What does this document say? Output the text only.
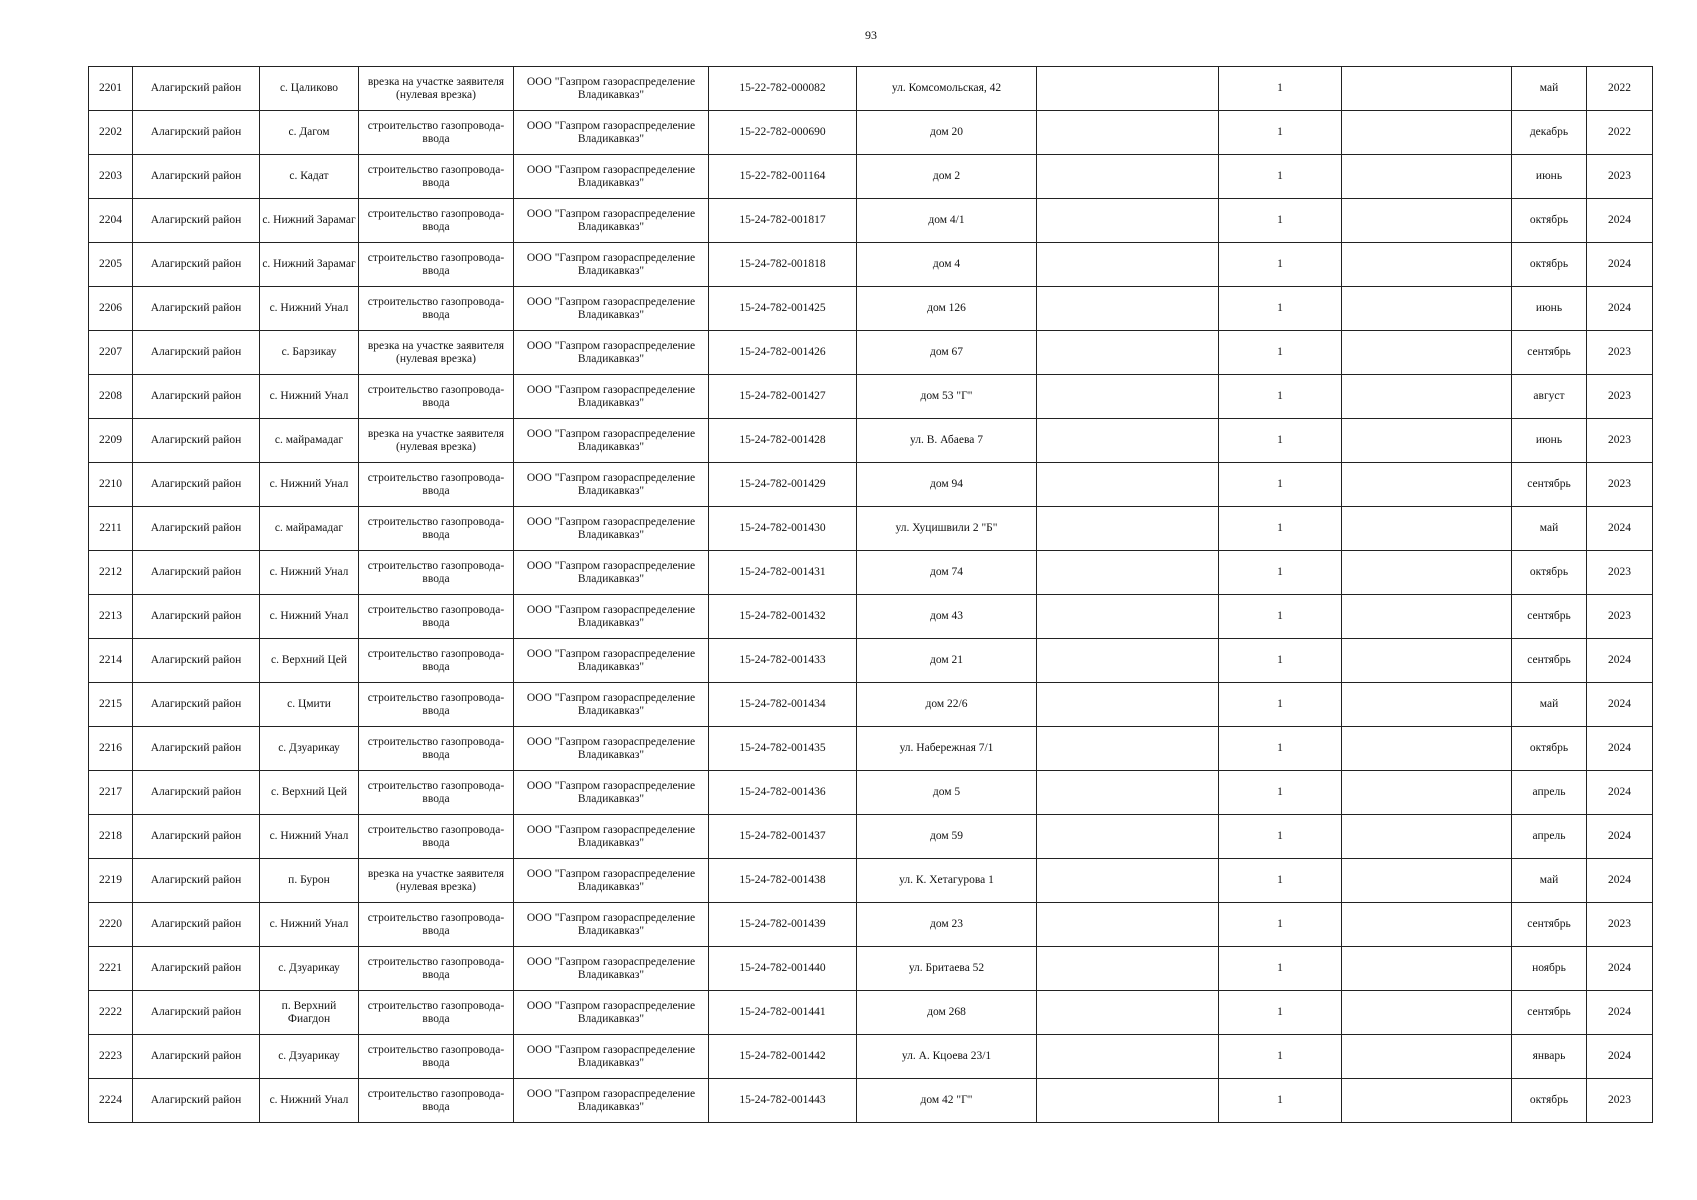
93
2201	Алагирский район	с. Цаликово	врезка на участке заявителя (нулевая врезка)	ООО "Газпром газораспределение Владикавказ"	15-22-782-000082	ул. Комсомольская, 42		1		май	2022
2202	Алагирский район	с. Дагом	строительство газопровода-ввода	ООО "Газпром газораспределение Владикавказ"	15-22-782-000690	дом 20		1		декабрь	2022
2203	Алагирский район	с. Кадат	строительство газопровода-ввода	ООО "Газпром газораспределение Владикавказ"	15-22-782-001164	дом 2		1		июнь	2023
2204	Алагирский район	с. Нижний Зарамаг	строительство газопровода-ввода	ООО "Газпром газораспределение Владикавказ"	15-24-782-001817	дом 4/1		1		октябрь	2024
2205	Алагирский район	с. Нижний Зарамаг	строительство газопровода-ввода	ООО "Газпром газораспределение Владикавказ"	15-24-782-001818	дом 4		1		октябрь	2024
2206	Алагирский район	с. Нижний Унал	строительство газопровода-ввода	ООО "Газпром газораспределение Владикавказ"	15-24-782-001425	дом 126		1		июнь	2024
2207	Алагирский район	с. Барзикау	врезка на участке заявителя (нулевая врезка)	ООО "Газпром газораспределение Владикавказ"	15-24-782-001426	дом 67		1		сентябрь	2023
2208	Алагирский район	с. Нижний Унал	строительство газопровода-ввода	ООО "Газпром газораспределение Владикавказ"	15-24-782-001427	дом 53 "Г"		1		август	2023
2209	Алагирский район	с. майрамадаг	врезка на участке заявителя (нулевая врезка)	ООО "Газпром газораспределение Владикавказ"	15-24-782-001428	ул. В. Абаева 7		1		июнь	2023
2210	Алагирский район	с. Нижний Унал	строительство газопровода-ввода	ООО "Газпром газораспределение Владикавказ"	15-24-782-001429	дом 94		1		сентябрь	2023
2211	Алагирский район	с. майрамадаг	строительство газопровода-ввода	ООО "Газпром газораспределение Владикавказ"	15-24-782-001430	ул. Хуцишвили 2 "Б"		1		май	2024
2212	Алагирский район	с. Нижний Унал	строительство газопровода-ввода	ООО "Газпром газораспределение Владикавказ"	15-24-782-001431	дом 74		1		октябрь	2023
2213	Алагирский район	с. Нижний Унал	строительство газопровода-ввода	ООО "Газпром газораспределение Владикавказ"	15-24-782-001432	дом 43		1		сентябрь	2023
2214	Алагирский район	с. Верхний Цей	строительство газопровода-ввода	ООО "Газпром газораспределение Владикавказ"	15-24-782-001433	дом 21		1		сентябрь	2024
2215	Алагирский район	с. Цмити	строительство газопровода-ввода	ООО "Газпром газораспределение Владикавказ"	15-24-782-001434	дом 22/6		1		май	2024
2216	Алагирский район	с. Дзуарикау	строительство газопровода-ввода	ООО "Газпром газораспределение Владикавказ"	15-24-782-001435	ул. Набережная 7/1		1		октябрь	2024
2217	Алагирский район	с. Верхний Цей	строительство газопровода-ввода	ООО "Газпром газораспределение Владикавказ"	15-24-782-001436	дом 5		1		апрель	2024
2218	Алагирский район	с. Нижний Унал	строительство газопровода-ввода	ООО "Газпром газораспределение Владикавказ"	15-24-782-001437	дом 59		1		апрель	2024
2219	Алагирский район	п. Бурон	врезка на участке заявителя (нулевая врезка)	ООО "Газпром газораспределение Владикавказ"	15-24-782-001438	ул. К. Хетагурова 1		1		май	2024
2220	Алагирский район	с. Нижний Унал	строительство газопровода-ввода	ООО "Газпром газораспределение Владикавказ"	15-24-782-001439	дом 23		1		сентябрь	2023
2221	Алагирский район	с. Дзуарикау	строительство газопровода-ввода	ООО "Газпром газораспределение Владикавказ"	15-24-782-001440	ул. Бритаева 52		1		ноябрь	2024
2222	Алагирский район	п. Верхний Фиагдон	строительство газопровода-ввода	ООО "Газпром газораспределение Владикавказ"	15-24-782-001441	дом 268		1		сентябрь	2024
2223	Алагирский район	с. Дзуарикау	строительство газопровода-ввода	ООО "Газпром газораспределение Владикавказ"	15-24-782-001442	ул. А. Кцоева 23/1		1		январь	2024
2224	Алагирский район	с. Нижний Унал	строительство газопровода-ввода	ООО "Газпром газораспределение Владикавказ"	15-24-782-001443	дом 42 "Г"		1		октябрь	2023
